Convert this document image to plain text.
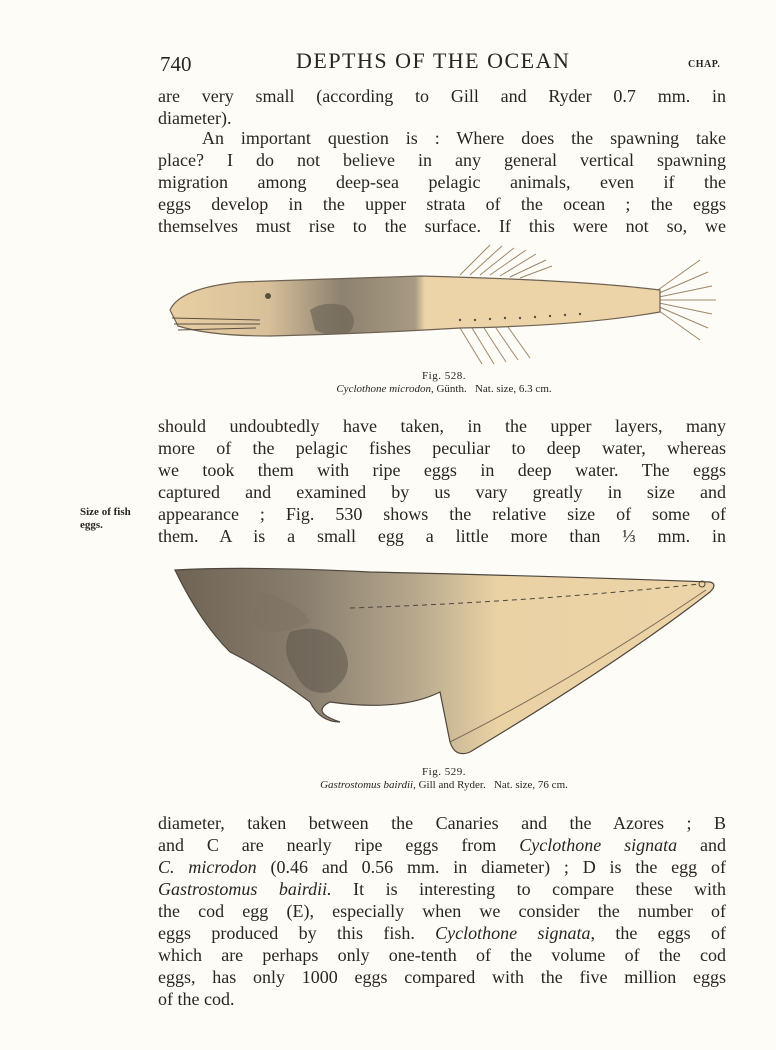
740	DEPTHS OF THE OCEAN	CHAP.
are very small (according to Gill and Ryder 0.7 mm. in
diameter).
An important question is : Where does the spawning take
place? I do not believe in any general vertical spawning
migration among deep-sea pelagic animals, even if the
eggs develop in the upper strata of the ocean ; the eggs
themselves must rise to the surface. If this were not so, we
Fig. 528.
Cyclothone microdon, Günth. Nat. size, 6.3 cm.
should undoubtedly have taken, in the upper layers, many
more of the pelagic fishes peculiar to deep water, whereas
we took them with ripe eggs in deep water. The eggs
captured and examined by us vary greatly in size and
appearance ; Fig. 530 shows the relative size of some of
them. A is a small egg a little more than ⅓ mm. in
Size of fish
eggs.
Fig. 529.
Gastrostomus bairdii, Gill and Ryder. Nat. size, 76 cm.
diameter, taken between the Canaries and the Azores ; B
and C are nearly ripe eggs from Cyclothone signata and
C. microdon (0.46 and 0.56 mm. in diameter) ; D is the egg of
Gastrostomus bairdii. It is interesting to compare these with
the cod egg (E), especially when we consider the number of
eggs produced by this fish. Cyclothone signata, the eggs of
which are perhaps only one-tenth of the volume of the cod
eggs, has only 1000 eggs compared with the five million eggs
of the cod.
